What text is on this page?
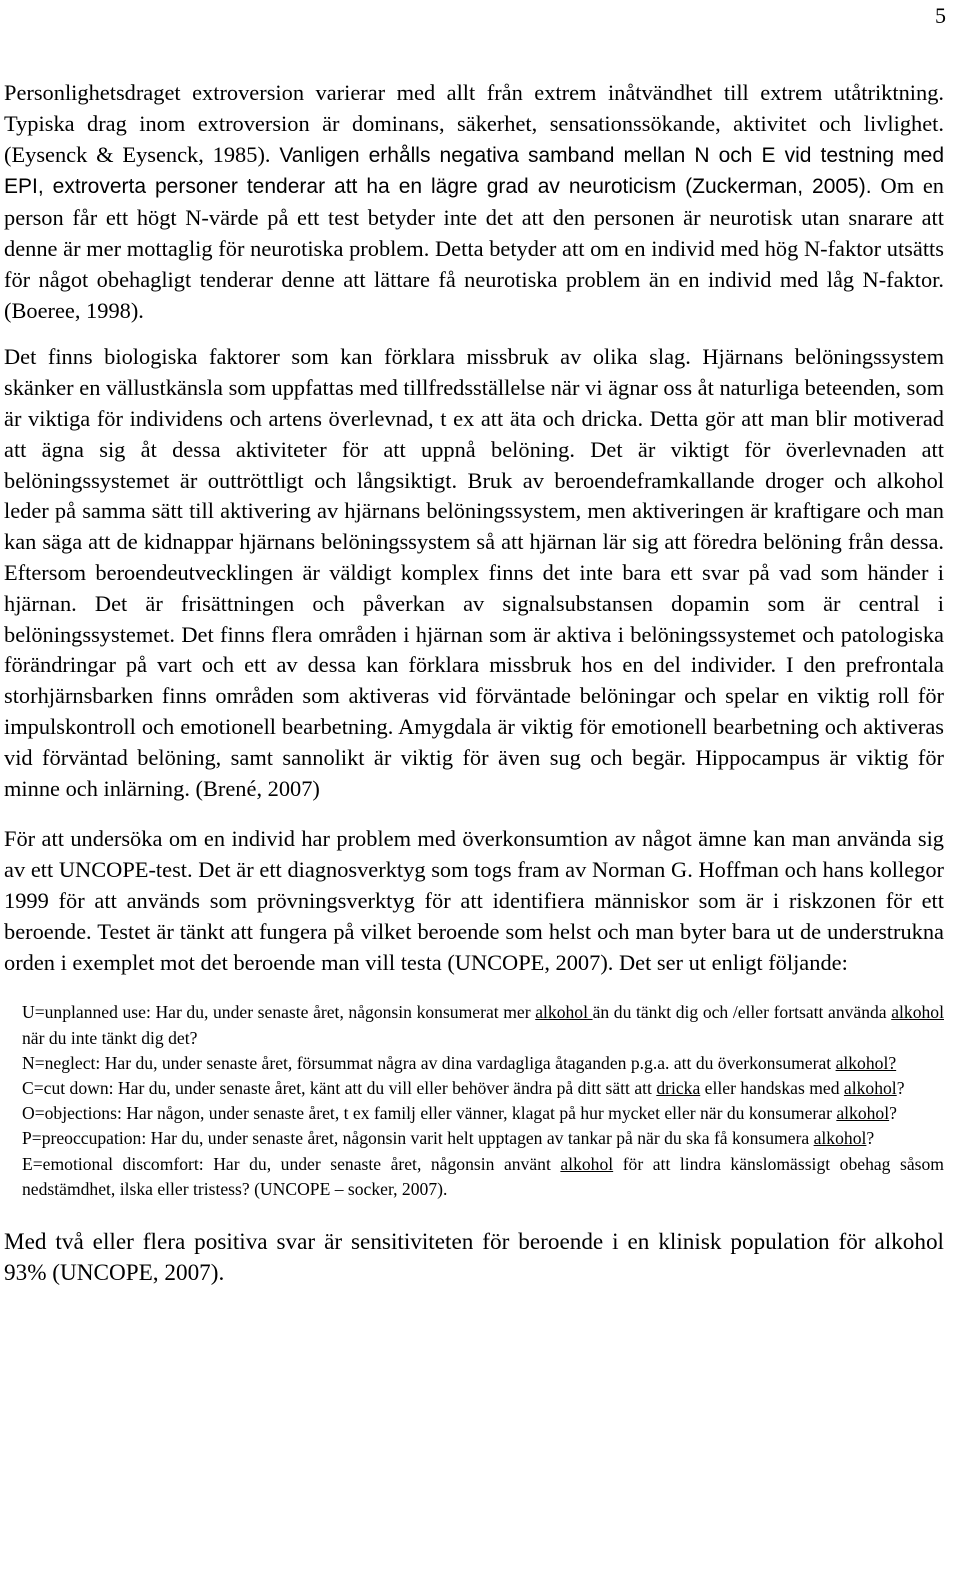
5

Personlighetsdraget extroversion varierar med allt från extrem inåtvändhet till extrem utåtriktning. Typiska drag inom extroversion är dominans, säkerhet, sensationssökande, aktivitet och livlighet. (Eysenck & Eysenck, 1985). Vanligen erhålls negativa samband mellan N och E vid testning med EPI, extroverta personer tenderar att ha en lägre grad av neuroticism (Zuckerman, 2005). Om en person får ett högt N-värde på ett test betyder inte det att den personen är neurotisk utan snarare att denne är mer mottaglig för neurotiska problem. Detta betyder att om en individ med hög N-faktor utsätts för något obehagligt tenderar denne att lättare få neurotiska problem än en individ med låg N-faktor. (Boeree, 1998).

Det finns biologiska faktorer som kan förklara missbruk av olika slag. Hjärnans belöningssystem skänker en vällustkänsla som uppfattas med tillfredsställelse när vi ägnar oss åt naturliga beteenden, som är viktiga för individens och artens överlevnad, t ex att äta och dricka. Detta gör att man blir motiverad att ägna sig åt dessa aktiviteter för att uppnå belöning. Det är viktigt för överlevnaden att belöningssystemet är outtröttligt och långsiktigt. Bruk av beroendeframkallande droger och alkohol leder på samma sätt till aktivering av hjärnans belöningssystem, men aktiveringen är kraftigare och man kan säga att de kidnappar hjärnans belöningssystem så att hjärnan lär sig att föredra belöning från dessa. Eftersom beroendeutvecklingen är väldigt komplex finns det inte bara ett svar på vad som händer i hjärnan. Det är frisättningen och påverkan av signalsubstansen dopamin som är central i belöningssystemet. Det finns flera områden i hjärnan som är aktiva i belöningssystemet och patologiska förändringar på vart och ett av dessa kan förklara missbruk hos en del individer. I den prefrontala storhjärnsbarken finns områden som aktiveras vid förväntade belöningar och spelar en viktig roll för impulskontroll och emotionell bearbetning. Amygdala är viktig för emotionell bearbetning och aktiveras vid förväntad belöning, samt sannolikt är viktig för även sug och begär. Hippocampus är viktig för minne och inlärning. (Brené, 2007)

För att undersöka om en individ har problem med överkonsumtion av något ämne kan man använda sig av ett UNCOPE-test. Det är ett diagnosverktyg som togs fram av Norman G. Hoffman och hans kollegor 1999 för att används som prövningsverktyg för att identifiera människor som är i riskzonen för ett beroende. Testet är tänkt att fungera på vilket beroende som helst och man byter bara ut de understrukna orden i exemplet mot det beroende man vill testa (UNCOPE, 2007). Det ser ut enligt följande:

U=unplanned use: Har du, under senaste året, någonsin konsumerat mer alkohol än du tänkt dig och /eller fortsatt använda alkohol när du inte tänkt dig det?

N=neglect: Har du, under senaste året, försummat några av dina vardagliga åtaganden p.g.a. att du överkonsumerat alkohol?

C=cut down: Har du, under senaste året, känt att du vill eller behöver ändra på ditt sätt att dricka eller handskas med alkohol?

O=objections: Har någon, under senaste året, t ex familj eller vänner, klagat på hur mycket eller när du konsumerar alkohol?

P=preoccupation: Har du, under senaste året, någonsin varit helt upptagen av tankar på när du ska få konsumera alkohol?

E=emotional discomfort: Har du, under senaste året, någonsin använt alkohol för att lindra känslomässigt obehag såsom nedstämdhet, ilska eller tristess? (UNCOPE – socker, 2007).

Med två eller flera positiva svar är sensitiviteten för beroende i en klinisk population för alkohol 93% (UNCOPE, 2007).
